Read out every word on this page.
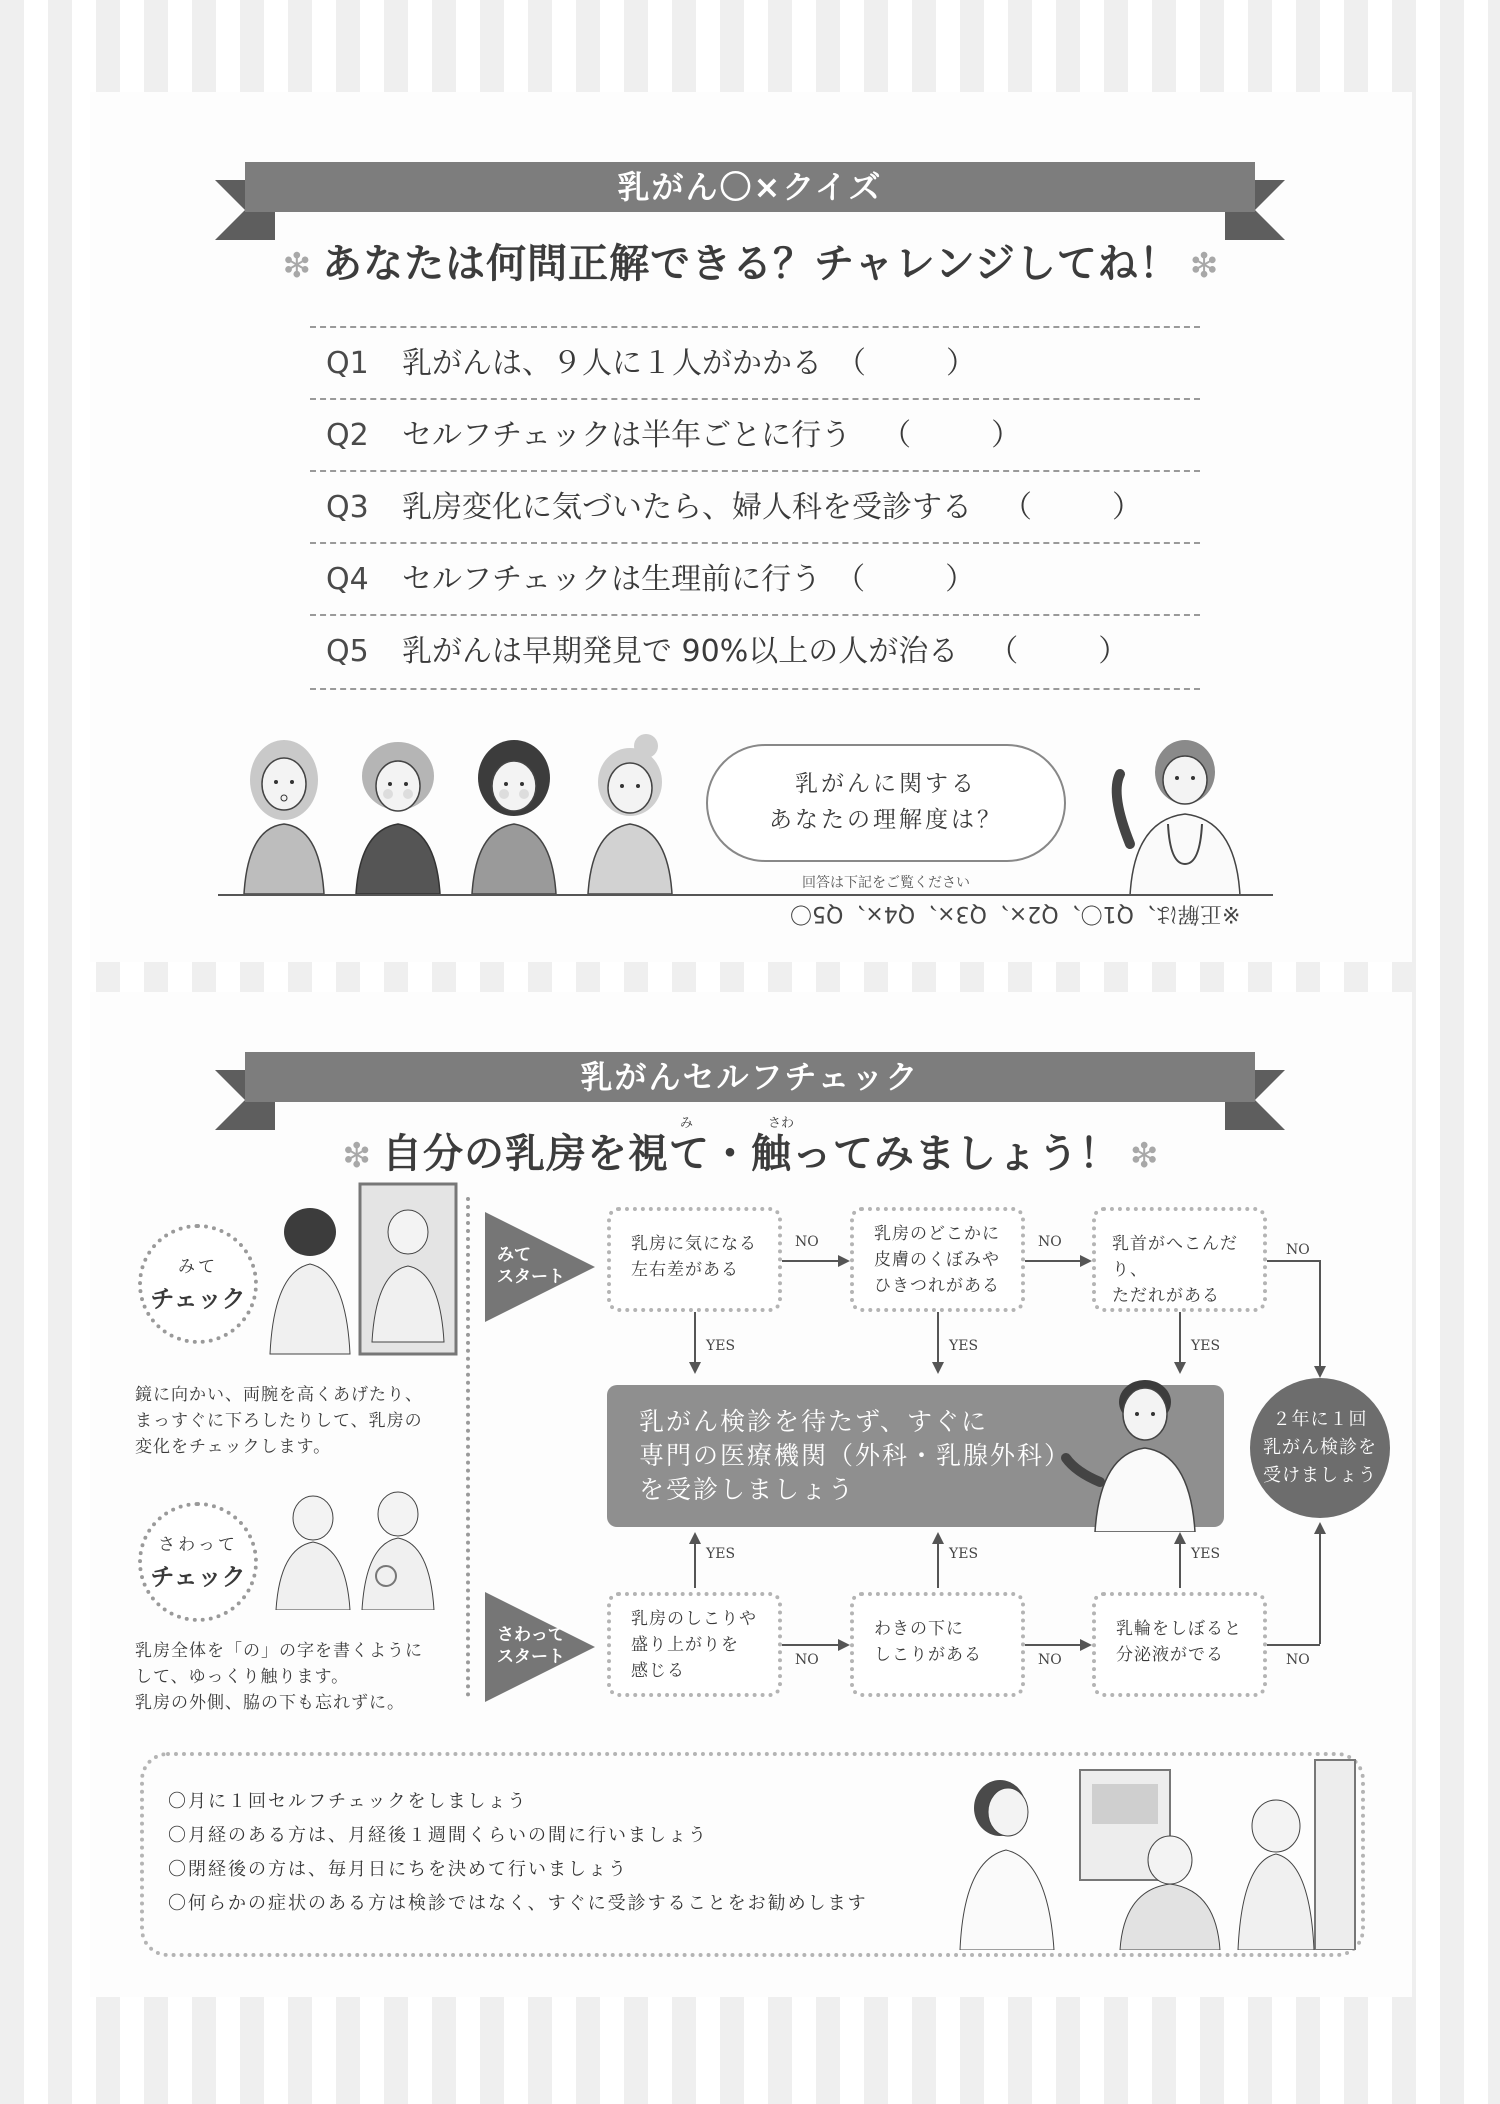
乳がん〇×クイズ
❇ あなたは何問正解できる？チャレンジしてね！ ❇
Q1 乳がんは、９人に１人がかかる （	）
Q2 セルフチェックは半年ごとに行う （	）
Q3 乳房変化に気づいたら、婦人科を受診する （	）
Q4 セルフチェックは生理前に行う （	）
Q5 乳がんは早期発見で 90%以上の人が治る （	）
乳がんに関する
あなたの理解度は？
回答は下記をご覧ください
※正解は、Q1〇、Q2×、Q3×、Q4×、Q5〇
乳がんセルフチェック
❇ 自分の乳房を視て・触ってみましょう！ ❇
み	さわ
みて
チェック
鏡に向かい、両腕を高くあげたり、
まっすぐに下ろしたりして、乳房の
変化をチェックします。
さわって
チェック
乳房全体を「の」の字を書くように
して、ゆっくり触ります。
乳房の外側、脇の下も忘れずに。
みて
スタート
さわって
スタート
乳房に気になる
左右差がある
乳房のどこかに
皮膚のくぼみや
ひきつれがある
乳首がへこんだり、
ただれがある
乳房のしこりや
盛り上がりを
感じる
わきの下に
しこりがある
乳輪をしぼると
分泌液がでる
NO	NO	NO
YES	YES	YES
乳がん検診を待たず、すぐに
専門の医療機関（外科・乳腺外科）
を受診しましょう
２年に１回
乳がん検診を
受けましょう
YES	YES	YES
NO	NO	NO
〇月に１回セルフチェックをしましょう
〇月経のある方は、月経後１週間くらいの間に行いましょう
〇閉経後の方は、毎月日にちを決めて行いましょう
〇何らかの症状のある方は検診ではなく、すぐに受診することをお勧めします
